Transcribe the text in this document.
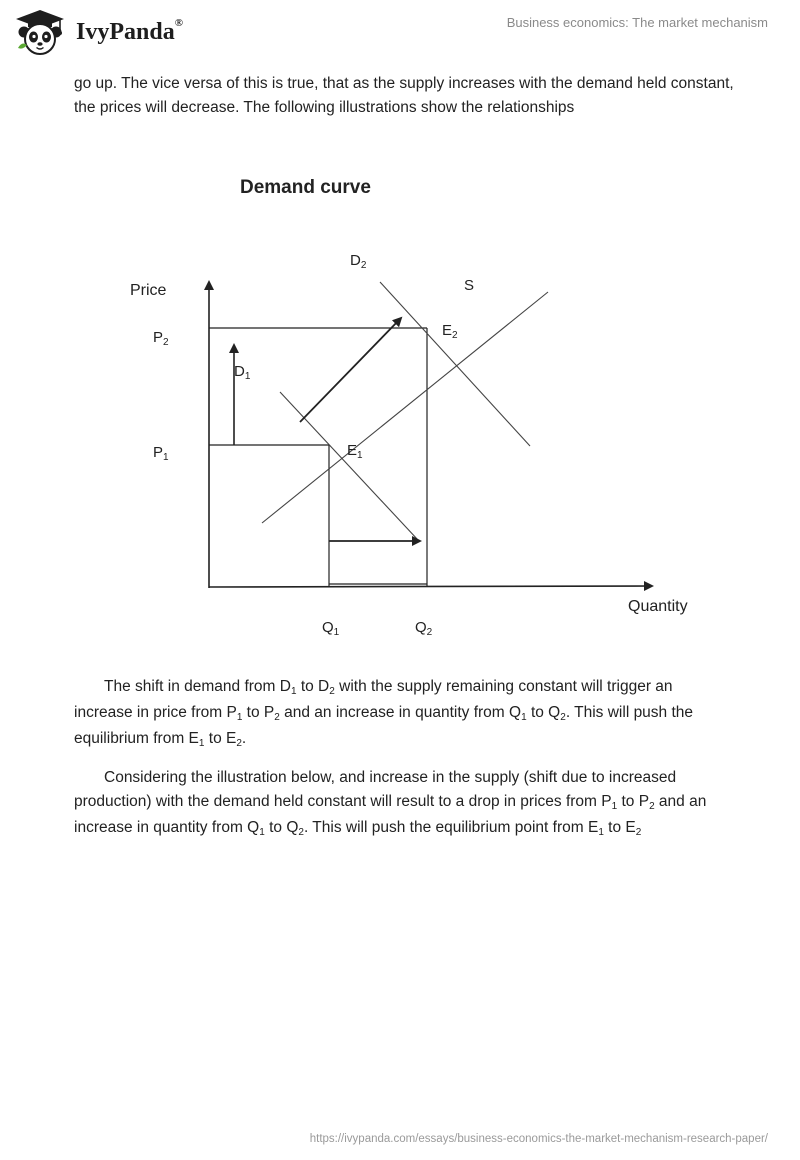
IvyPanda®	Business economics: The market mechanism

go up. The vice versa of this is true, that as the supply increases with the demand held constant, the prices will decrease. The following illustrations show the relationships

Demand curve
Price
Quantity
$P_2$
$P_1$
$Q_1$	$Q_2$
S
$D_1$
$D_2$
$E_1$
$E_2$

The shift in demand from D1 to D2 with the supply remaining constant will trigger an increase in price from P1 to P2 and an increase in quantity from Q1 to Q2. This will push the equilibrium from E1 to E2.

Considering the illustration below, and increase in the supply (shift due to increased production) with the demand held constant will result to a drop in prices from P1 to P2 and an increase in quantity from Q1 to Q2. This will push the equilibrium point from E1 to E2

https://ivypanda.com/essays/business-economics-the-market-mechanism-research-paper/
